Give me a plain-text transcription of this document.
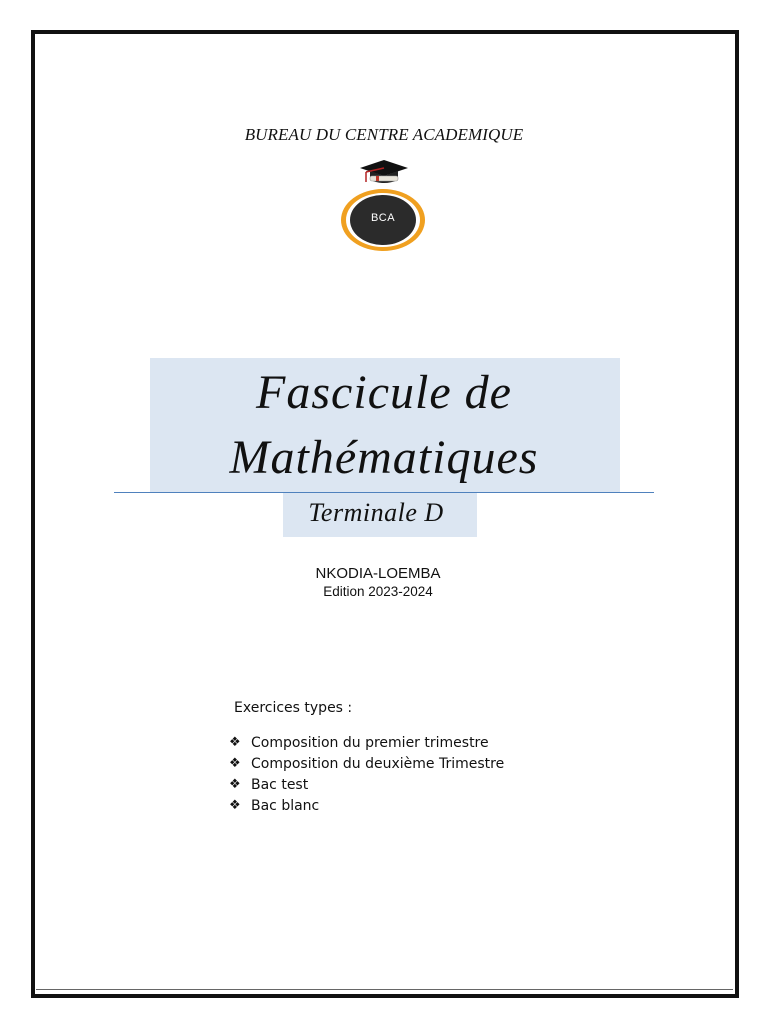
BUREAU DU CENTRE ACADEMIQUE
BCA
Fascicule de
Mathématiques
Terminale D
NKODIA-LOEMBA
Edition 2023-2024
Exercices types :
❖ Composition du premier trimestre
❖ Composition du deuxième Trimestre
❖ Bac test
❖ Bac blanc
